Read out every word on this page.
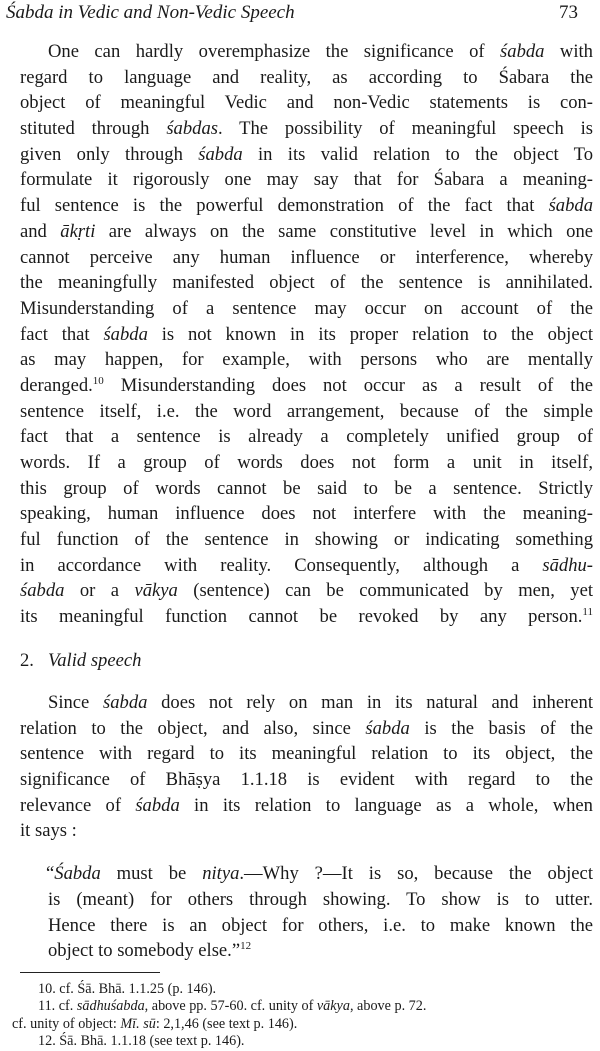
Śabda in Vedic and Non-Vedic Speech	73
One can hardly overemphasize the significance of śabda with
regard to language and reality, as according to Śabara the
object of meaningful Vedic and non-Vedic statements is con-
stituted through śabdas. The possibility of meaningful speech is
given only through śabda in its valid relation to the object To
formulate it rigorously one may say that for Śabara a meaning-
ful sentence is the powerful demonstration of the fact that śabda
and ākṛti are always on the same constitutive level in which one
cannot perceive any human influence or interference, whereby
the meaningfully manifested object of the sentence is annihilated.
Misunderstanding of a sentence may occur on account of the
fact that śabda is not known in its proper relation to the object
as may happen, for example, with persons who are mentally
deranged.$^{10}$ Misunderstanding does not occur as a result of the
sentence itself, i.e. the word arrangement, because of the simple
fact that a sentence is already a completely unified group of
words. If a group of words does not form a unit in itself,
this group of words cannot be said to be a sentence. Strictly
speaking, human influence does not interfere with the meaning-
ful function of the sentence in showing or indicating something
in accordance with reality. Consequently, although a sādhu-
śabda or a vākya (sentence) can be communicated by men, yet
its meaningful function cannot be revoked by any person.$^{11}$
2. Valid speech
Since śabda does not rely on man in its natural and inherent
relation to the object, and also, since śabda is the basis of the
sentence with regard to its meaningful relation to its object, the
significance of Bhāṣya 1.1.18 is evident with regard to the
relevance of śabda in its relation to language as a whole, when
it says :
“Śabda must be nitya.—Why ?—It is so, because the object
is (meant) for others through showing. To show is to utter.
Hence there is an object for others, i.e. to make known the
object to somebody else.”$^{12}$
10. cf. Śā. Bhā. 1.1.25 (p. 146).
11. cf. sādhuśabda, above pp. 57-60. cf. unity of vākya, above p. 72.
cf. unity of object: Mī. sū: 2,1,46 (see text p. 146).
12. Śā. Bhā. 1.1.18 (see text p. 146).
